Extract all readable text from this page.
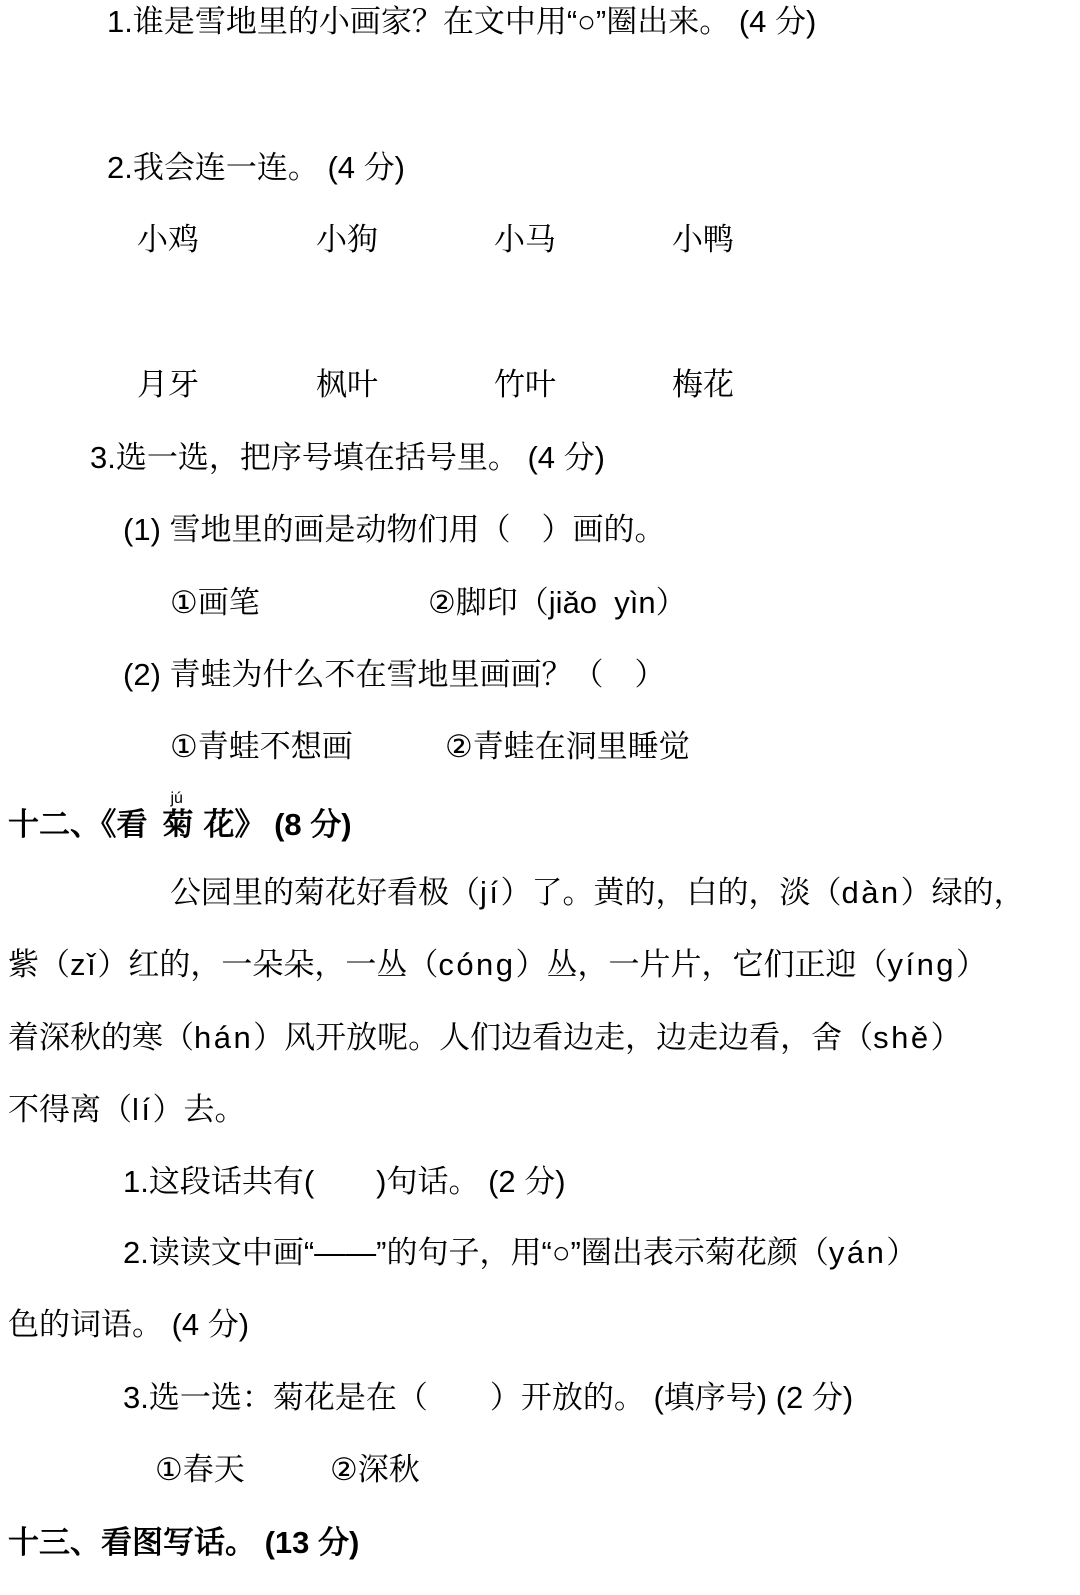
1.谁是雪地里的小画家？在文中用“○”圈出来。 (4 分)
2.我会连一连。 (4 分)
小鸡	小狗	小马	小鸭
月牙	枫叶	竹叶	梅花
3.选一选，把序号填在括号里。 (4 分)
(1) 雪地里的画是动物们用（　）画的。
①画笔	②脚印（jiǎo  yìn）
(2) 青蛙为什么不在雪地里画画？（　）
①青蛙不想画	②青蛙在洞里睡觉
十二、《看
jú
菊 花》 (8 分)
公园里的菊花好看极（ jí ）了。黄的，白的，淡（ dàn ）绿的，
紫（ zǐ ）红的，一朵朵，一丛（ cóng ）丛，一片片，它们正迎（ yíng ）
着深秋的寒（ hán ）风开放呢。人们边看边走，边走边看，舍（ shě ）
不得离（ lí ）去。
1.这段话共有(　　)句话。 (2 分)
2.读读文中画“——”的句子，用“○”圈出表示菊花颜（ yán ）
色的词语。 (4 分)
3.选一选：菊花是在（　　）开放的。 (填序号) (2 分)
①春天	②深秋
十三、看图写话。 (13 分)
